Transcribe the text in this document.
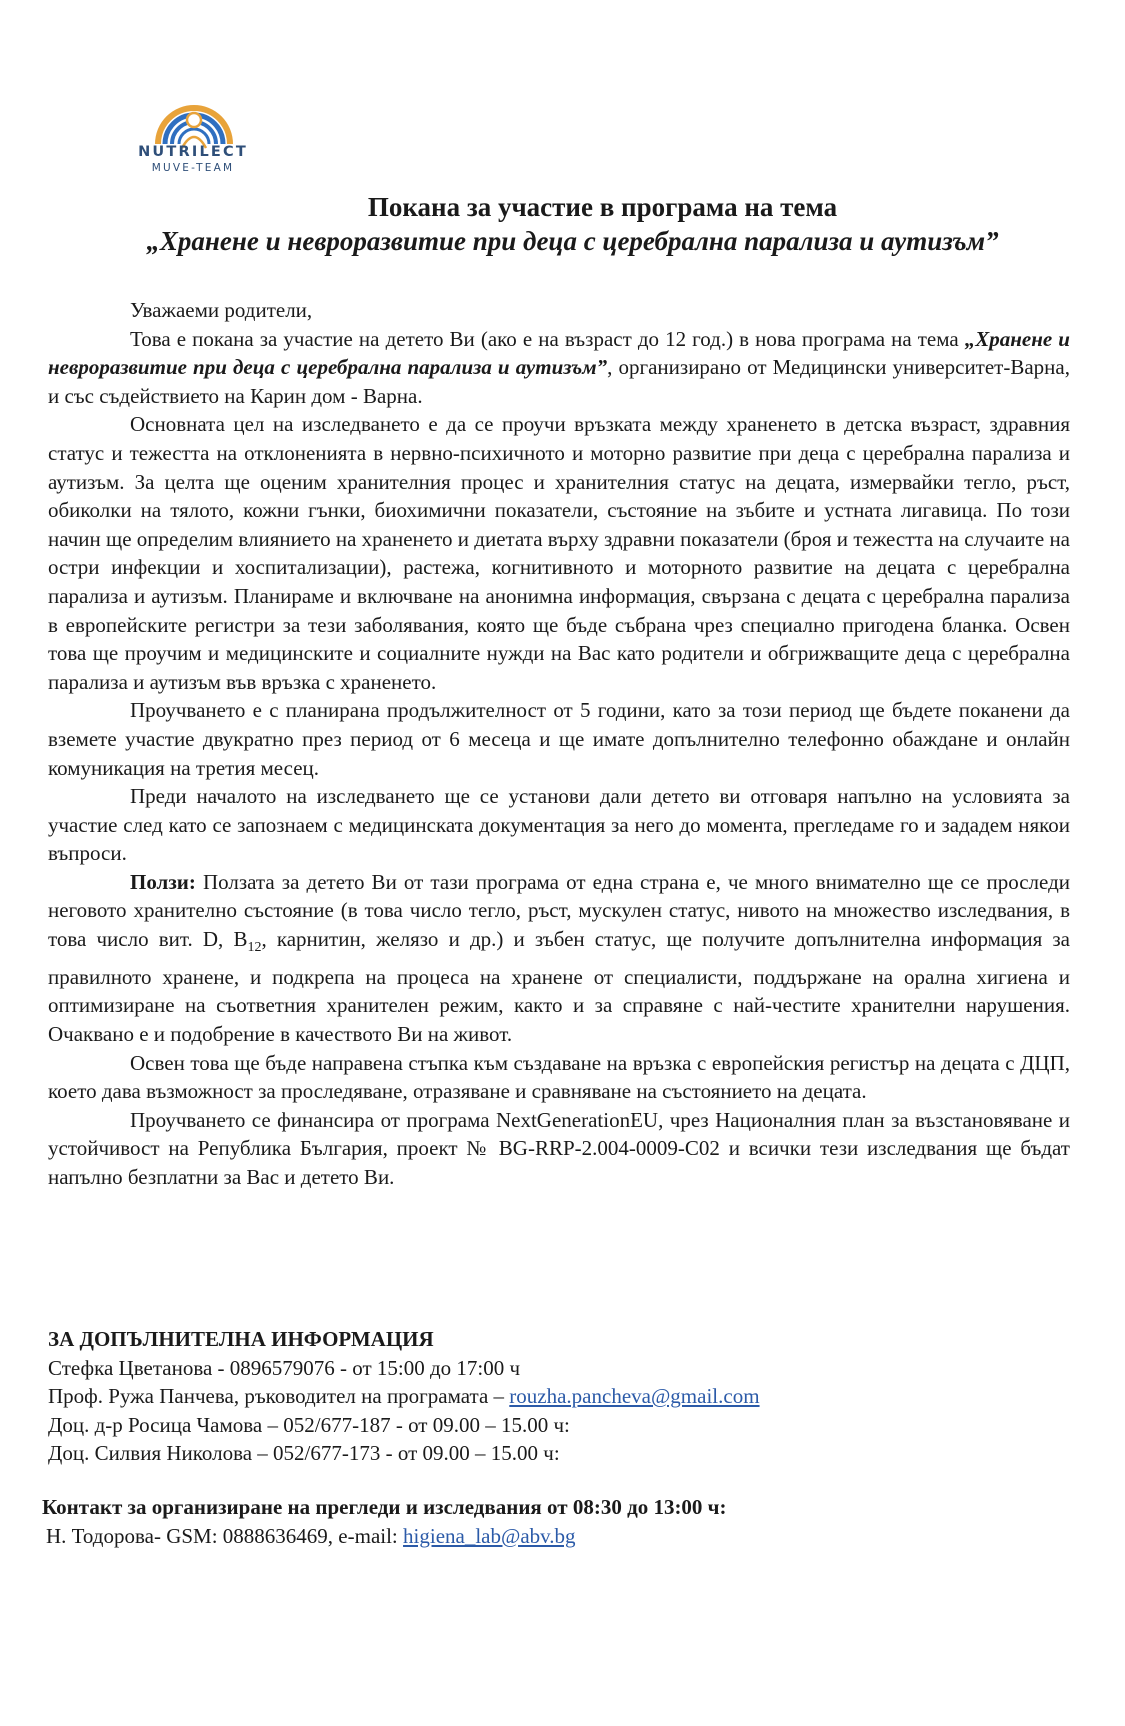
NUTRILECT
MUVE-TEAM
Покана за участие в програма на тема
„Хранене и невроразвитие при деца с церебрална парализа и аутизъм”

Уважаеми родители,

Това е покана за участие на детето Ви (ако е на възраст до 12 год.) в нова програма на тема „Хранене и невроразвитие при деца с церебрална парализа и аутизъм”, организирано от Медицински университет-Варна, и със съдействието на Карин дом - Варна.

Основната цел на изследването е да се проучи връзката между храненето в детска възраст, здравния статус и тежестта на отклоненията в нервно-психичното и моторно развитие при деца с церебрална парализа и аутизъм. За целта ще оценим хранителния процес и хранителния статус на децата, измервайки тегло, ръст, обиколки на тялото, кожни гънки, биохимични показатели, състояние на зъбите и устната лигавица. По този начин ще определим влиянието на храненето и диетата върху здравни показатели (броя и тежестта на случаите на остри инфекции и хоспитализации), растежа, когнитивното и моторното развитие на децата с церебрална парализа и аутизъм. Планираме и включване на анонимна информация, свързана с децата с церебрална парализа в европейските регистри за тези заболявания, която ще бъде събрана чрез специално пригодена бланка. Освен това ще проучим и медицинските и социалните нужди на Вас като родители и обгрижващите деца с церебрална парализа и аутизъм във връзка с храненето.

Проучването е с планирана продължителност от 5 години, като за този период ще бъдете поканени да вземете участие двукратно през период от 6 месеца и ще имате допълнително телефонно обаждане и онлайн комуникация на третия месец.

Преди началото на изследването ще се установи дали детето ви отговаря напълно на условията за участие след като се запознаем с медицинската документация за него до момента, прегледаме го и зададем някои въпроси.

Ползи: Ползата за детето Ви от тази програма от една страна е, че много внимателно ще се проследи неговото хранително състояние (в това число тегло, ръст, мускулен статус, нивото на множество изследвания, в това число вит. D, $B_{12}$, карнитин, желязо и др.) и зъбен статус, ще получите допълнителна информация за правилното хранене, и подкрепа на процеса на хранене от специалисти, поддържане на орална хигиена и оптимизиране на съответния хранителен режим, както и за справяне с най-честите хранителни нарушения. Очаквано е и подобрение в качеството Ви на живот.

Освен това ще бъде направена стъпка към създаване на връзка с европейския регистър на децата с ДЦП, което дава възможност за проследяване, отразяване и сравняване на състоянието на децата.

Проучването се финансира от програма NextGenerationEU, чрез Националния план за възстановяване и устойчивост на Република България, проект № BG-RRP-2.004-0009-C02 и всички тези изследвания ще бъдат напълно безплатни за Вас и детето Ви.

ЗА ДОПЪЛНИТЕЛНА ИНФОРМАЦИЯ
Стефка Цветанова - 0896579076 - от 15:00 до 17:00 ч
Проф. Ружа Панчева, ръководител на програмата – rouzha.pancheva@gmail.com
Доц. д-р Росица Чамова – 052/677-187 - от 09.00 – 15.00 ч:
Доц. Силвия Николова – 052/677-173 - от 09.00 – 15.00 ч:
Контакт за организиране на прегледи и изследвания от 08:30 до 13:00 ч:
Н. Тодорова- GSM: 0888636469, e-mail: higiena_lab@abv.bg
